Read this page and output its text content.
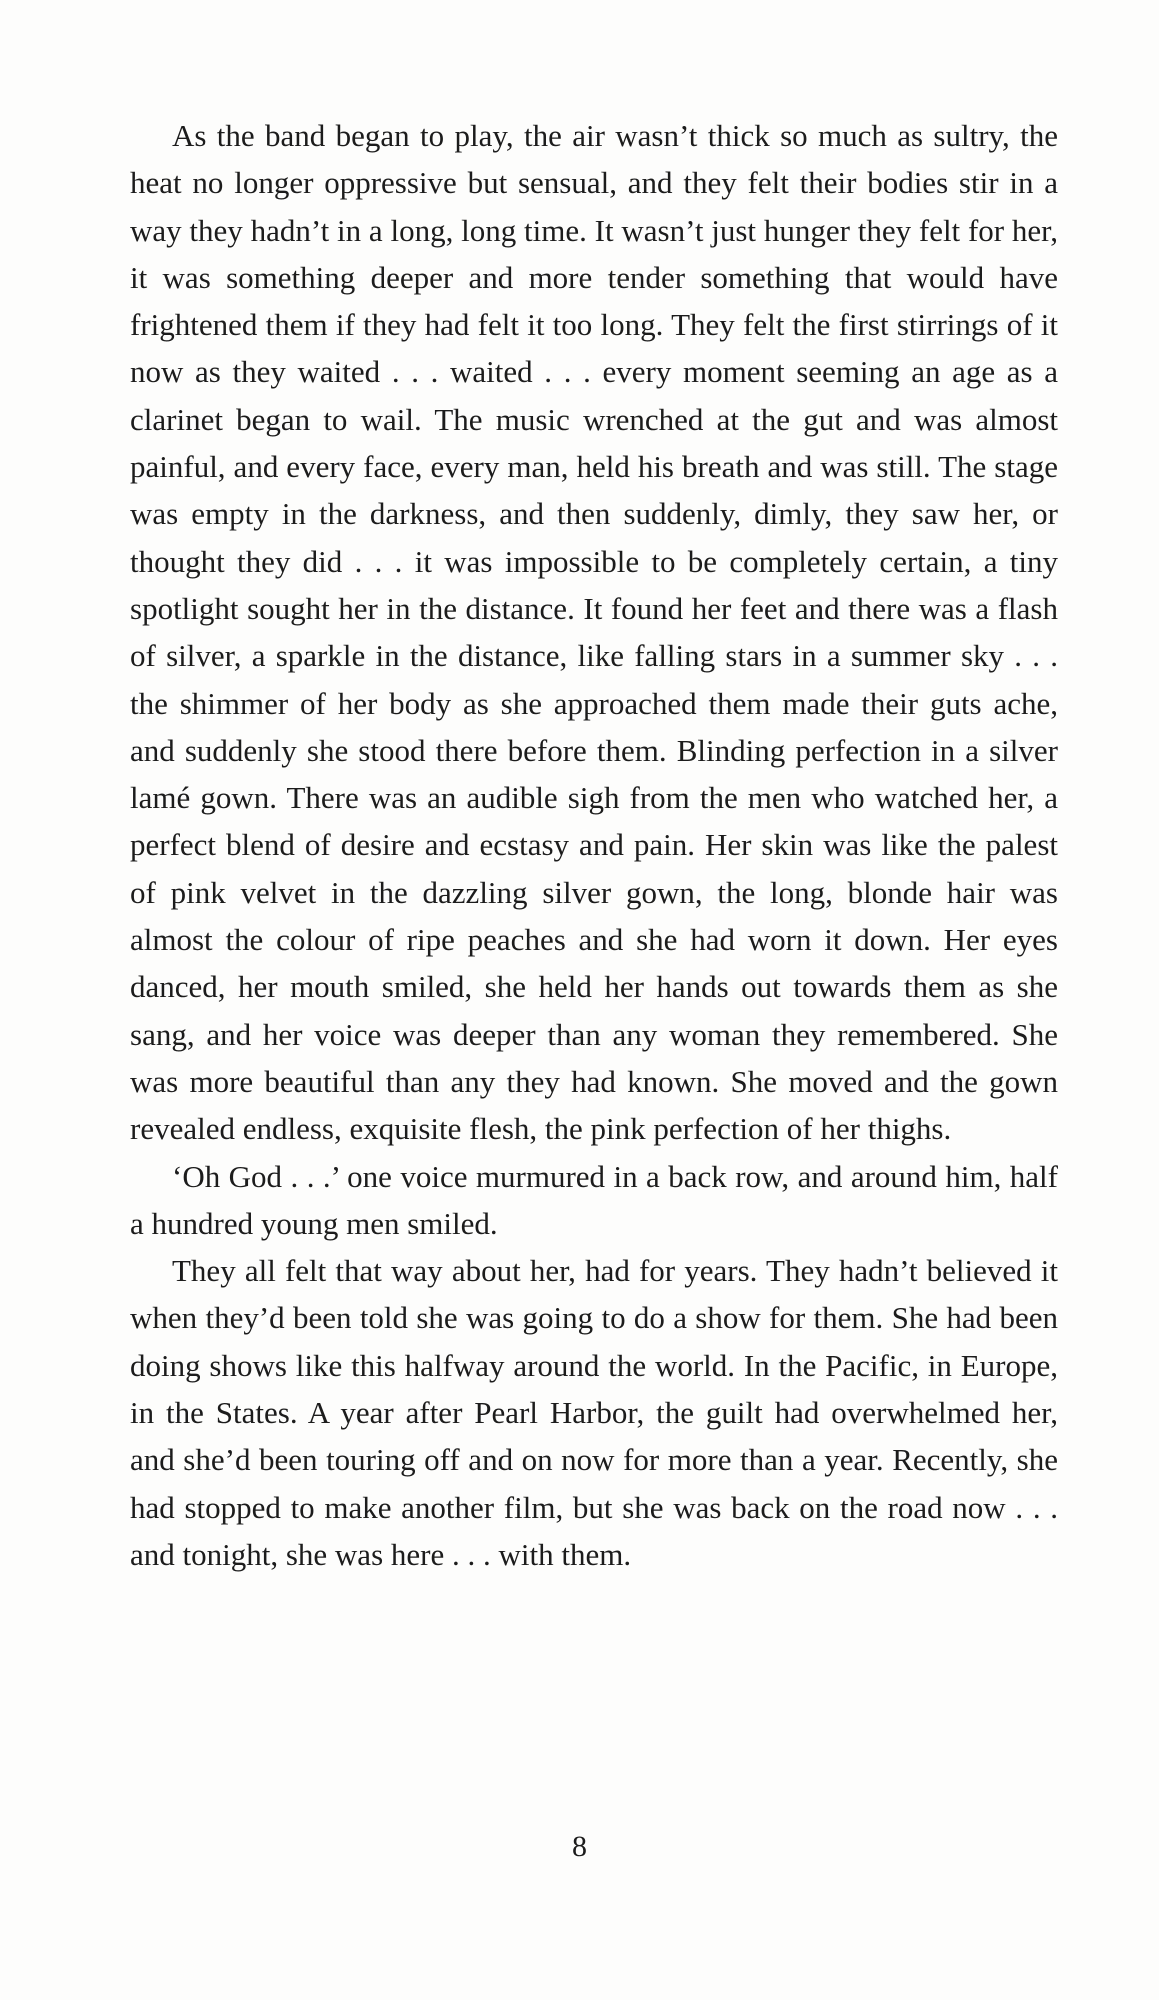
As the band began to play, the air wasn’t thick so much as sultry, the heat no longer oppressive but sensual, and they felt their bodies stir in a way they hadn’t in a long, long time. It wasn’t just hunger they felt for her, it was something deeper and more tender something that would have frightened them if they had felt it too long. They felt the first stirrings of it now as they waited . . . waited . . . every moment seeming an age as a clarinet began to wail. The music wrenched at the gut and was almost painful, and every face, every man, held his breath and was still. The stage was empty in the darkness, and then suddenly, dimly, they saw her, or thought they did . . . it was impossible to be completely certain, a tiny spotlight sought her in the distance. It found her feet and there was a flash of silver, a sparkle in the distance, like falling stars in a summer sky . . . the shimmer of her body as she approached them made their guts ache, and suddenly she stood there before them. Blinding perfection in a silver lamé gown. There was an audible sigh from the men who watched her, a perfect blend of desire and ecstasy and pain. Her skin was like the palest of pink velvet in the dazzling silver gown, the long, blonde hair was almost the colour of ripe peaches and she had worn it down. Her eyes danced, her mouth smiled, she held her hands out towards them as she sang, and her voice was deeper than any woman they remembered. She was more beautiful than any they had known. She moved and the gown revealed endless, exquisite flesh, the pink perfection of her thighs.

‘Oh God . . .’ one voice murmured in a back row, and around him, half a hundred young men smiled.

They all felt that way about her, had for years. They hadn’t believed it when they’d been told she was going to do a show for them. She had been doing shows like this halfway around the world. In the Pacific, in Europe, in the States. A year after Pearl Harbor, the guilt had overwhelmed her, and she’d been touring off and on now for more than a year. Recently, she had stopped to make another film, but she was back on the road now . . . and tonight, she was here . . . with them.

8
